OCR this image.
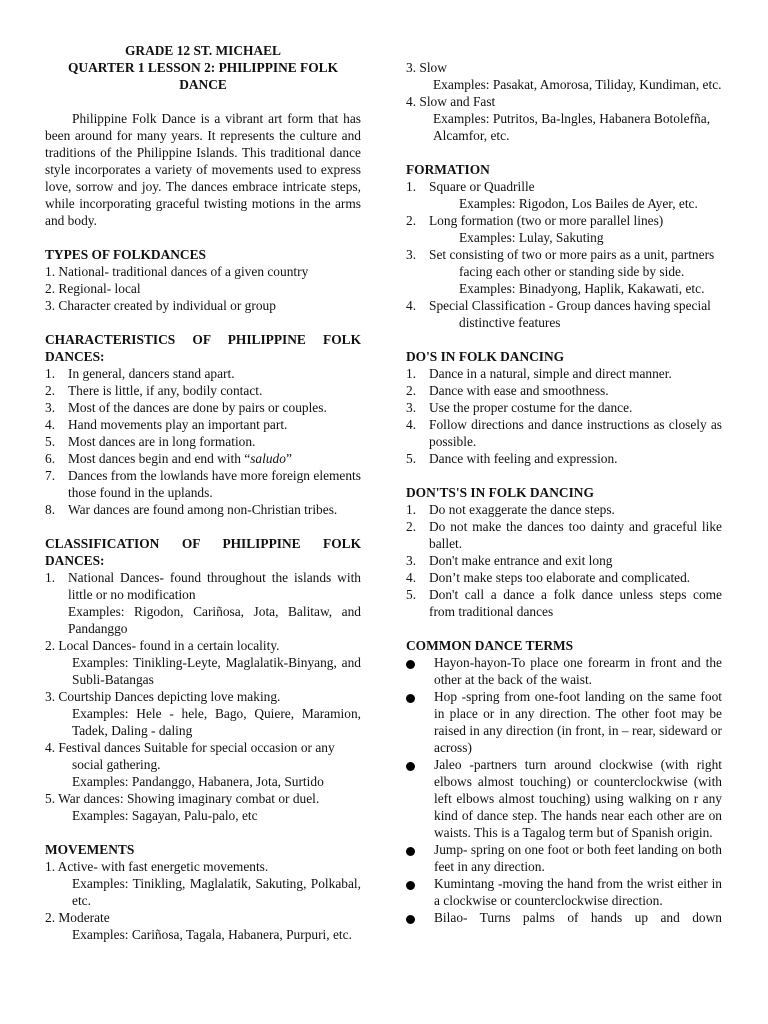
GRADE 12 ST. MICHAEL
QUARTER 1 LESSON 2: PHILIPPINE FOLK DANCE
Philippine Folk Dance is a vibrant art form that has been around for many years. It represents the culture and traditions of the Philippine Islands. This traditional dance style incorporates a variety of movements used to express love, sorrow and joy. The dances embrace intricate steps, while incorporating graceful twisting motions in the arms and body.
TYPES OF FOLKDANCES
1. National- traditional dances of a given country
2. Regional- local
3. Character created by individual or group
CHARACTERISTICS OF PHILIPPINE FOLK DANCES:
1. In general, dancers stand apart.
2. There is little, if any, bodily contact.
3. Most of the dances are done by pairs or couples.
4. Hand movements play an important part.
5. Most dances are in long formation.
6. Most dances begin and end with “saludo”
7. Dances from the lowlands have more foreign elements those found in the uplands.
8. War dances are found among non-Christian tribes.
CLASSIFICATION OF PHILIPPINE FOLK DANCES:
1. National Dances- found throughout the islands with little or no modification
Examples: Rigodon, Cariñosa, Jota, Balitaw, and Pandanggo
2. Local Dances- found in a certain locality.
Examples: Tinikling-Leyte, Maglalatik-Binyang, and Subli-Batangas
3. Courtship Dances depicting love making.
Examples: Hele - hele, Bago, Quiere, Maramion, Tadek, Daling - daling
4. Festival dances Suitable for special occasion or any
social gathering.
Examples: Pandanggo, Habanera, Jota, Surtido
5. War dances: Showing imaginary combat or duel.
Examples: Sagayan, Palu-palo, etc
MOVEMENTS
1. Active- with fast energetic movements.
Examples: Tinikling, Maglalatik, Sakuting, Polkabal,
etc.
2. Moderate
Examples: Cariñosa, Tagala, Habanera, Purpuri, etc.
3. Slow
Examples: Pasakat, Amorosa, Tiliday, Kundiman, etc.
4. Slow and Fast
Examples: Putritos, Ba-lngles, Habanera Botolefña, Alcamfor, etc.
FORMATION
1. Square or Quadrille
Examples: Rigodon, Los Bailes de Ayer, etc.
2. Long formation (two or more parallel lines)
Examples: Lulay, Sakuting
3. Set consisting of two or more pairs as a unit, partners
facing each other or standing side by side.
Examples: Binadyong, Haplik, Kakawati, etc.
4. Special Classification - Group dances having special
distinctive features
DO'S IN FOLK DANCING
1. Dance in a natural, simple and direct manner.
2. Dance with ease and smoothness.
3. Use the proper costume for the dance.
4. Follow directions and dance instructions as closely as possible.
5. Dance with feeling and expression.
DON'TS'S IN FOLK DANCING
1. Do not exaggerate the dance steps.
2. Do not make the dances too dainty and graceful like ballet.
3. Don't make entrance and exit long
4. Don’t make steps too elaborate and complicated.
5. Don't call a dance a folk dance unless steps come from traditional dances
COMMON DANCE TERMS
Hayon-hayon-To place one forearm in front and the other at the back of the waist.
Hop -spring from one-foot landing on the same foot in place or in any direction. The other foot may be raised in any direction (in front, in – rear, sideward or across)
Jaleo -partners turn around clockwise (with right elbows almost touching) or counterclockwise (with left elbows almost touching) using walking on r any kind of dance step. The hands near each other are on waists. This is a Tagalog term but of Spanish origin.
Jump- spring on one foot or both feet landing on both feet in any direction.
Kumintang -moving the hand from the wrist either in a clockwise or counterclockwise direction.
Bilao- Turns palms of hands up and down
